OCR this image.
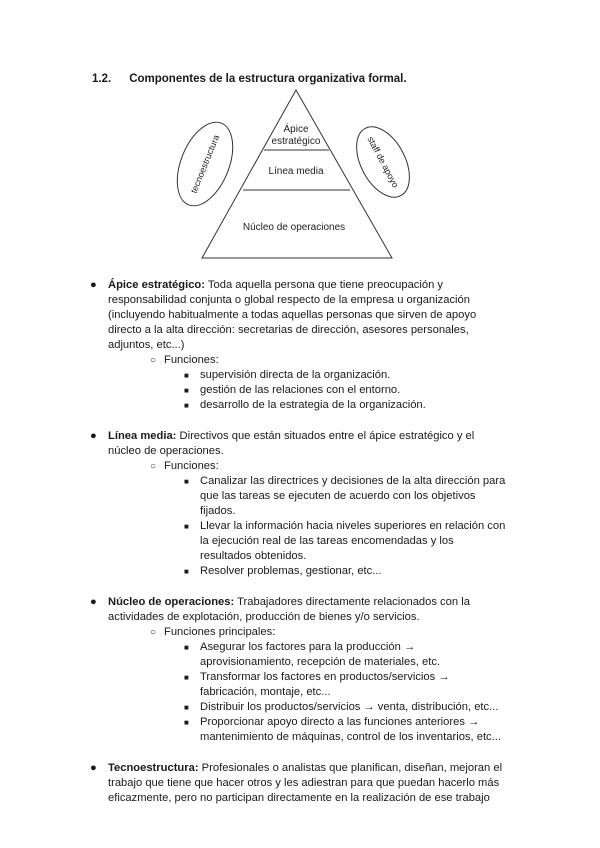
1.2. Componentes de la estructura organizativa formal.
Ápice
estratégico
Línea media
Núcleo de operaciones
tecnoestructura	staff de apoyo
● Ápice estratégico: Toda aquella persona que tiene preocupación y responsabilidad conjunta o global respecto de la empresa u organización (incluyendo habitualmente a todas aquellas personas que sirven de apoyo directo a la alta dirección: secretarias de dirección, asesores personales, adjuntos, etc...)
○ Funciones:
■ supervisión directa de la organización.
■ gestión de las relaciones con el entorno.
■ desarrollo de la estrategia de la organización.
● Línea media: Directivos que están situados entre el ápice estratégico y el núcleo de operaciones.
○ Funciones:
■ Canalizar las directrices y decisiones de la alta dirección para que las tareas se ejecuten de acuerdo con los objetivos fijados.
■ Llevar la información hacia niveles superiores en relación con la ejecución real de las tareas encomendadas y los resultados obtenidos.
■ Resolver problemas, gestionar, etc...
● Núcleo de operaciones: Trabajadores directamente relacionados con la actividades de explotación, producción de bienes y/o servicios.
○ Funciones principales:
■ Asegurar los factores para la producción → aprovisionamiento, recepción de materiales, etc.
■ Transformar los factores en productos/servicios → fabricación, montaje, etc...
■ Distribuir los productos/servicios → venta, distribución, etc...
■ Proporcionar apoyo directo a las funciones anteriores → mantenimiento de máquinas, control de los inventarios, etc...
● Tecnoestructura: Profesionales o analistas que planifican, diseñan, mejoran el trabajo que tiene que hacer otros y les adiestran para que puedan hacerlo más eficazmente, pero no participan directamente en la realización de ese trabajo
